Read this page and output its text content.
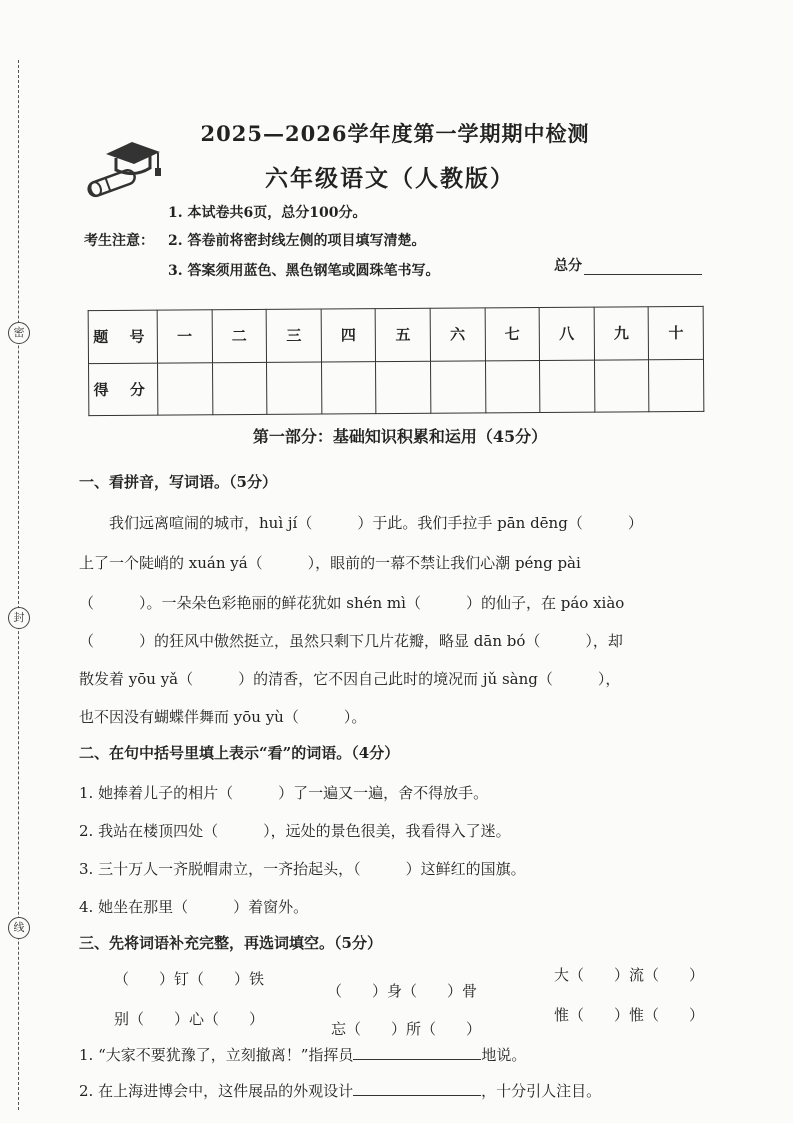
密
封
线
2025—2026学年度第一学期期中检测
六年级语文（人教版）
考生注意：
1. 本试卷共6页，总分100分。
2. 答卷前将密封线左侧的项目填写清楚。
3. 答案须用蓝色、黑色钢笔或圆珠笔书写。	总分
题 号	一	二	三	四	五	六	七	八	九	十
得 分										
第一部分：基础知识积累和运用（45分）
一、看拼音，写词语。（5分）
　　我们远离喧闹的城市，huì jí（　　　）于此。我们手拉手 pān dēng（　　　）
上了一个陡峭的 xuán yá（　　　），眼前的一幕不禁让我们心潮 péng pài
（　　　）。一朵朵色彩艳丽的鲜花犹如 shén mì（　　　）的仙子，在 páo xiào
（　　　）的狂风中傲然挺立，虽然只剩下几片花瓣，略显 dān bó（　　　），却
散发着 yōu yǎ（　　　）的清香，它不因自己此时的境况而 jǔ sàng（　　　），
也不因没有蝴蝶伴舞而 yōu yù（　　　）。
二、在句中括号里填上表示“看”的词语。（4分）
1. 她捧着儿子的相片（　　　）了一遍又一遍，舍不得放手。
2. 我站在楼顶四处（　　　），远处的景色很美，我看得入了迷。
3. 三十万人一齐脱帽肃立，一齐抬起头，（　　　）这鲜红的国旗。
4. 她坐在那里（　　　）着窗外。
三、先将词语补充完整，再选词填空。（5分）
（　　）钉（　　）铁
（　　）身（　　）骨
大（　　）流（　　）
别（　　）心（　　）
忘（　　）所（　　）
惟（　　）惟（　　）
1. “大家不要犹豫了，立刻撤离！”指挥员	地说。
2. 在上海进博会中，这件展品的外观设计	，十分引人注目。
